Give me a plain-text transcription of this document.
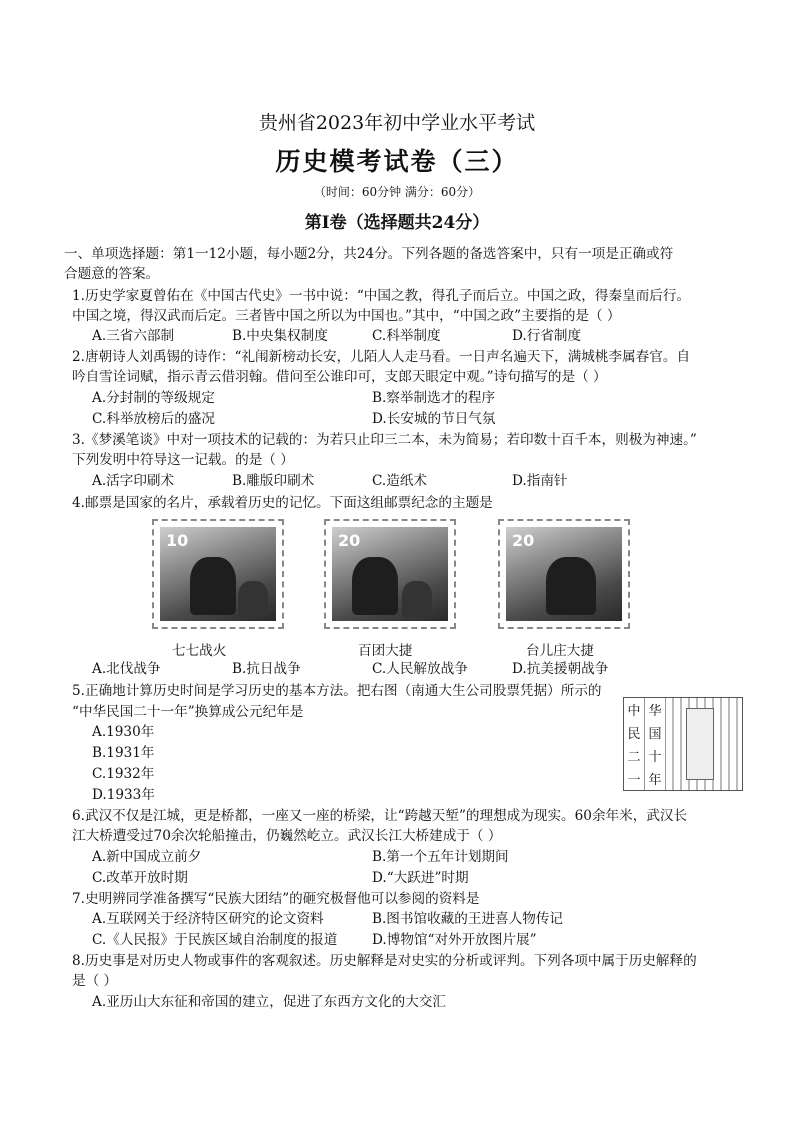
贵州省2023年初中学业水平考试
历史模考试卷（三）
（时间：60分钟 满分：60分）
第Ⅰ卷（选择题共24分）
一、单项选择题：第1一12小题，每小题2分，共24分。下列各题的备选答案中，只有一项是正确或符
合题意的答案。
1.历史学家夏曾佑在《中国古代史》一书中说：“中国之教，得孔子而后立。中国之政，得秦皇而后行。
中国之境，得汉武而后定。三者皆中国之所以为中国也。”其中，“中国之政”主要指的是（ ）
A.三省六部制	B.中央集权制度	C.科举制度	D.行省制度
2.唐朝诗人刘禹锡的诗作：“礼闱新榜动长安，儿陌人人走马看。一日声名遍天下，满城桃李属春官。自
吟自雪诠词赋，指示青云借羽翰。借问至公谁印可，支郎天眼定中观。”诗句描写的是（ ）
A.分封制的等级规定	B.察举制选才的程序
C.科举放榜后的盛况	D.长安城的节日气氛
3.《梦溪笔谈》中对一项技术的记载的：为若只止印三二本，未为简易；若印数十百千本，则极为神速。”
下列发明中符导这一记载。的是（ ）
A.活字印刷术	B.雕版印刷术	C.造纸术	D.指南针
4.邮票是国家的名片，承载着历史的记忆。下面这组邮票纪念的主题是
10	20	20
七七战火	百团大捷	台儿庄大捷
A.北伐战争	B.抗日战争	C.人民解放战争	D.抗美援朝战争
5.正确地计算历史时间是学习历史的基本方法。把右图（南通大生公司股票凭据）所示的
“中华民国二十一年”换算成公元纪年是
A.1930年
B.1931年
C.1932年
D.1933年
中
民
二
一
华
国
十
年
6.武汉不仅是江城，更是桥都，一座又一座的桥梁，让“跨越天堑”的理想成为现实。60余年米，武汉长
江大桥遭受过70余次轮船撞击，仍巍然屹立。武汉长江大桥建成于（ ）
A.新中国成立前夕	B.第一个五年计划期间
C.改革开放时期	D.“大跃进”时期
7.史明辨同学准备撰写“民族大团结”的砸究极督他可以参阅的资料是
A.互联网关于经济特区研究的论文资料	B.图书馆收藏的王进喜人物传记
C.《人民报》于民族区域自治制度的报道	D.博物馆“对外开放图片展”
8.历史事是对历史人物或事件的客观叙述。历史解释是对史实的分析或评判。下列各项中属于历史解释的
是（ ）
A.亚历山大东征和帝国的建立，促进了东西方文化的大交汇
